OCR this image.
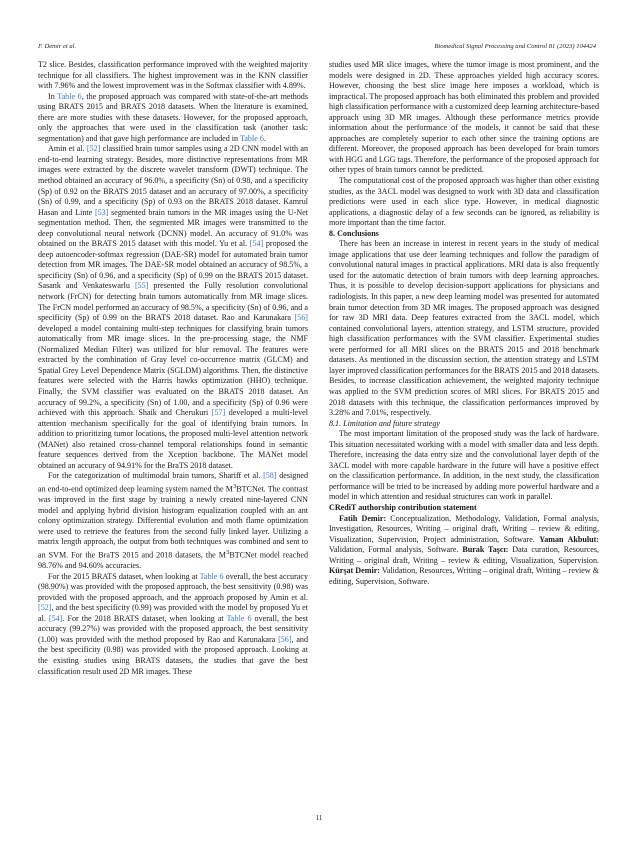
F. Demir et al.	Biomedical Signal Processing and Control 81 (2023) 104424

T2 slice. Besides, classification performance improved with the weighted majority technique for all classifiers. The highest improvement was in the KNN classifier with 7.96% and the lowest improvement was in the Softmax classifier with 4.89%.

In Table 6, the proposed approach was compared with state-of-the-art methods using BRATS 2015 and BRATS 2018 datasets. When the literature is examined, there are more studies with these datasets. However, for the proposed approach, only the approaches that were used in the classification task (another task: segmentation) and that gave high performance are included in Table 6.

Amin et al. [52] classified brain tumor samples using a 2D CNN model with an end-to-end learning strategy. Besides, more distinctive representations from MR images were extracted by the discrete wavelet transform (DWT) technique. The method obtained an accuracy of 96.0%, a specificity (Sn) of 0.98, and a specificity (Sp) of 0.92 on the BRATS 2015 dataset and an accuracy of 97.00%, a specificity (Sn) of 0.99, and a specificity (Sp) of 0.93 on the BRATS 2018 dataset. Kamrul Hasan and Linte [53] segmented brain tumors in the MR images using the U-Net segmentation method. Then, the segmented MR images were transmitted to the deep convolutional neural network (DCNN) model. An accuracy of 91.0% was obtained on the BRATS 2015 dataset with this model. Yu et al. [54] proposed the deep autoencoder-softmax regression (DAE-SR) model for automated brain tumor detection from MR images. The DAE-SR model obtained an accuracy of 98.5%, a specificity (Sn) of 0.96, and a specificity (Sp) of 0.99 on the BRATS 2015 dataset. Sasank and Venkateswarlu [55] presented the Fully resolution convolutional network (FrCN) for detecting brain tumors automatically from MR image slices. The FrCN model performed an accuracy of 98.5%, a specificity (Sn) of 0.96, and a specificity (Sp) of 0.99 on the BRATS 2018 dataset. Rao and Karunakara [56] developed a model containing multi-step techniques for classifying brain tumors automatically from MR image slices. In the pre-processing stage, the NMF (Normalized Median Filter) was utilized for blur removal. The features were extracted by the combination of Gray level co-occurrence matrix (GLCM) and Spatial Grey Level Dependence Matrix (SGLDM) algorithms. Then, the distinctive features were selected with the Harris hawks optimization (HHO) technique. Finally, the SVM classifier was evaluated on the BRATS 2018 dataset. An accuracy of 99.2%, a specificity (Sn) of 1.00, and a specificity (Sp) of 0.96 were achieved with this approach. Shaik and Cherukuri [57] developed a multi-level attention mechanism specifically for the goal of identifying brain tumors. In addition to prioritizing tumor locations, the proposed multi-level attention network (MANet) also retained cross-channel temporal relationships found in semantic feature sequences derived from the Xception backbone. The MANet model obtained an accuracy of 94.91% for the BraTS 2018 dataset.

For the categorization of multimodal brain tumors, Shariff et al. [58] designed an end-to-end optimized deep learning system named the $M^3BTCNet$. The contrast was improved in the first stage by training a newly created nine-layered CNN model and applying hybrid division histogram equalization coupled with an ant colony optimization strategy. Differential evolution and moth flame optimization were used to retrieve the features from the second fully linked layer. Utilizing a matrix length approach, the output from both techniques was combined and sent to an SVM. For the BraTS 2015 and 2018 datasets, the $M^3BTCNet$ model reached 98.76% and 94.60% accuracies.

For the 2015 BRATS dataset, when looking at Table 6 overall, the best accuracy (98.90%) was provided with the proposed approach, the best sensitivity (0.98) was provided with the proposed approach, and the approach proposed by Amin et al. [52], and the best specificity (0.99) was provided with the model by proposed Yu et al. [54]. For the 2018 BRATS dataset, when looking at Table 6 overall, the best accuracy (99.27%) was provided with the proposed approach, the best sensitivity (1.00) was provided with the method proposed by Rao and Karunakara [56], and the best specificity (0.98) was provided with the proposed approach. Looking at the existing studies using BRATS datasets, the studies that gave the best classification result used 2D MR images. These

studies used MR slice images, where the tumor image is most prominent, and the models were designed in 2D. These approaches yielded high accuracy scores. However, choosing the best slice image here imposes a workload, which is impractical. The proposed approach has both eliminated this problem and provided high classification performance with a customized deep learning architecture-based approach using 3D MR images. Although these performance metrics provide information about the performance of the models, it cannot be said that these approaches are completely superior to each other since the training options are different. Moreover, the proposed approach has been developed for brain tumors with HGG and LGG tags. Therefore, the performance of the proposed approach for other types of brain tumors cannot be predicted.

The computational cost of the proposed approach was higher than other existing studies, as the 3ACL model was designed to work with 3D data and classification predictions were used in each slice type. However, in medical diagnostic applications, a diagnostic delay of a few seconds can be ignored, as reliability is more important than the time factor.

8. Conclusions

There has been an increase in interest in recent years in the study of medical image applications that use deer learning techniques and follow the paradigm of convolutional natural images in practical applications. MRI data is also frequently used for the automatic detection of brain tumors with deep learning approaches. Thus, it is possible to develop decision-support applications for physicians and radiologists. In this paper, a new deep learning model was presented for automated brain tumor detection from 3D MR images. The proposed approach was designed for raw 3D MRI data. Deep features extracted from the 3ACL model, which contained convolutional layers, attention strategy, and LSTM structure, provided high classification performances with the SVM classifier. Experimental studies were performed for all MRI slices on the BRATS 2015 and 2018 benchmark datasets. As mentioned in the discussion section, the attention strategy and LSTM layer improved classification performances for the BRATS 2015 and 2018 datasets. Besides, to increase classification achievement, the weighted majority technique was applied to the SVM prediction scores of MRI slices. For BRATS 2015 and 2018 datasets with this technique, the classification performances improved by 3.28% and 7.01%, respectively.

8.1. Limitation and future strategy

The most important limitation of the proposed study was the lack of hardware. This situation necessitated working with a model with smaller data and less depth. Therefore, increasing the data entry size and the convolutional layer depth of the 3ACL model with more capable hardware in the future will have a positive effect on the classification performance. In addition, in the next study, the classification performance will be tried to be increased by adding more powerful hardware and a model in which attention and residual structures can work in parallel.

CRediT authorship contribution statement

Fatih Demir: Conceptualization, Methodology, Validation, Formal analysis, Investigation, Resources, Writing – original draft, Writing – review & editing, Visualization, Supervision, Project administration, Software. Yaman Akbulut: Validation, Formal analysis, Software. Burak Taşcı: Data curation, Resources, Writing – original draft, Writing – review & editing, Visualization, Supervision. Kürşat Demir: Validation, Resources, Writing – original draft, Writing – review & editing, Supervision, Software.

11
